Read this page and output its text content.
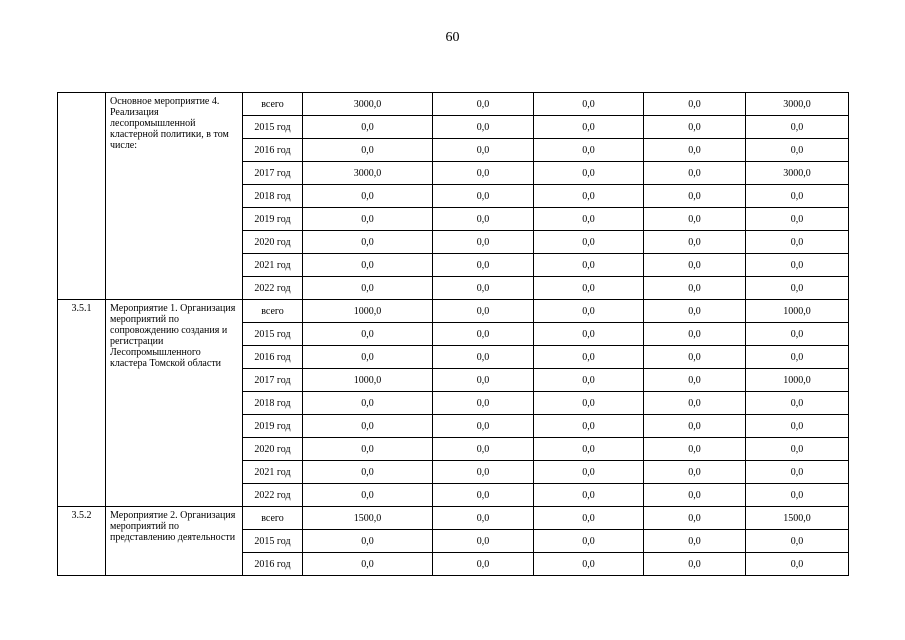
60
	Основное мероприятие 4. Реализация лесопромышленной кластерной политики, в том числе:	всего	3000,0	0,0	0,0	0,0	3000,0
		2015 год	0,0	0,0	0,0	0,0	0,0
		2016 год	0,0	0,0	0,0	0,0	0,0
		2017 год	3000,0	0,0	0,0	0,0	3000,0
		2018 год	0,0	0,0	0,0	0,0	0,0
		2019 год	0,0	0,0	0,0	0,0	0,0
		2020 год	0,0	0,0	0,0	0,0	0,0
		2021 год	0,0	0,0	0,0	0,0	0,0
		2022 год	0,0	0,0	0,0	0,0	0,0
3.5.1	Мероприятие 1. Организация мероприятий по сопровождению создания и регистрации Лесопромышленного кластера Томской области	всего	1000,0	0,0	0,0	0,0	1000,0
		2015 год	0,0	0,0	0,0	0,0	0,0
		2016 год	0,0	0,0	0,0	0,0	0,0
		2017 год	1000,0	0,0	0,0	0,0	1000,0
		2018 год	0,0	0,0	0,0	0,0	0,0
		2019 год	0,0	0,0	0,0	0,0	0,0
		2020 год	0,0	0,0	0,0	0,0	0,0
		2021 год	0,0	0,0	0,0	0,0	0,0
		2022 год	0,0	0,0	0,0	0,0	0,0
3.5.2	Мероприятие 2. Организация мероприятий по представлению деятельности	всего	1500,0	0,0	0,0	0,0	1500,0
		2015 год	0,0	0,0	0,0	0,0	0,0
		2016 год	0,0	0,0	0,0	0,0	0,0
